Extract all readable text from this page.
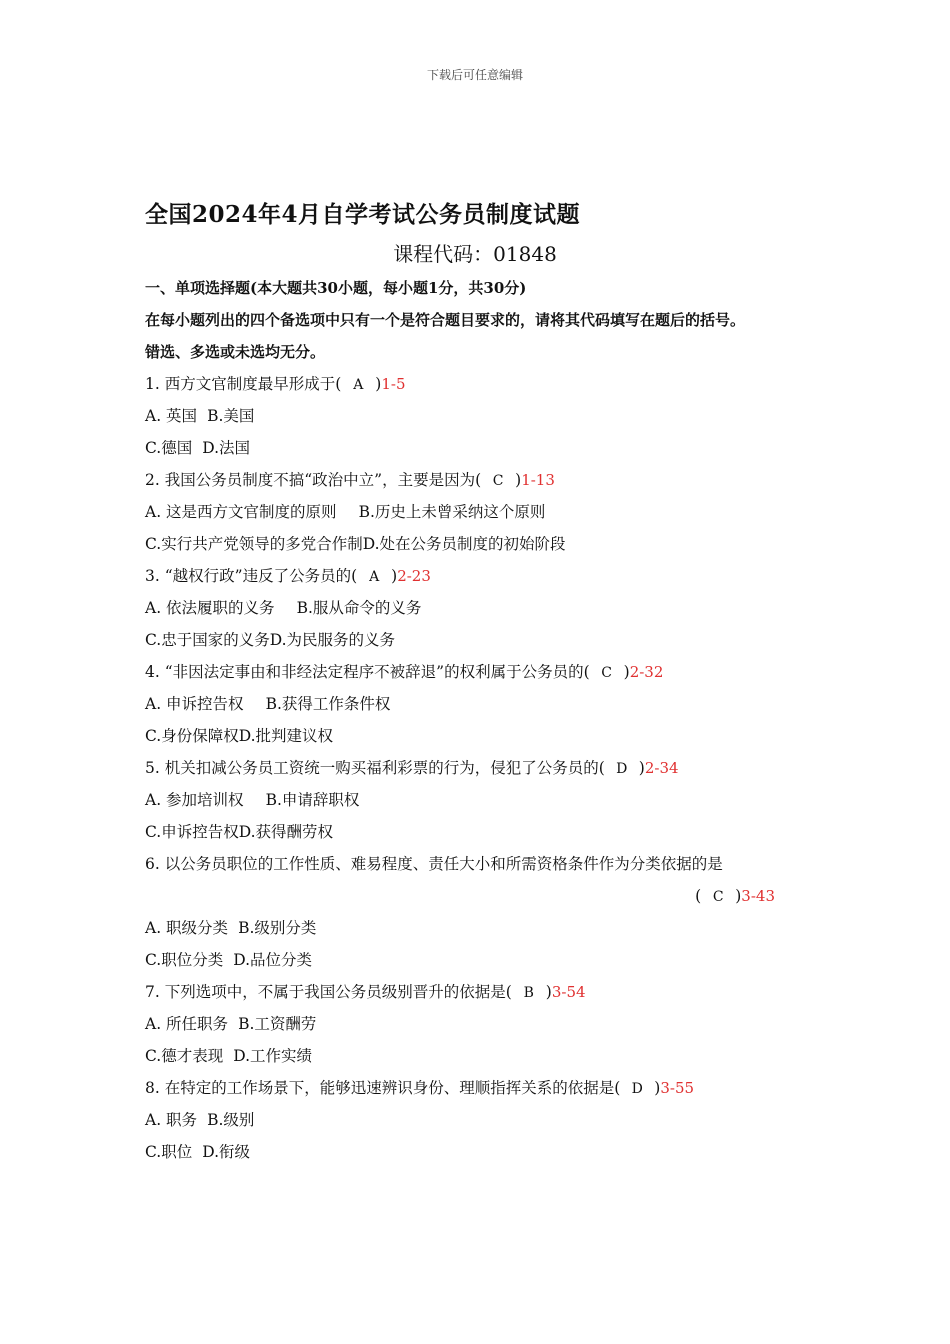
下载后可任意编辑
全国2024年4月自学考试公务员制度试题
课程代码：01848
一、单项选择题(本大题共30小题，每小题1分，共30分)
在每小题列出的四个备选项中只有一个是符合题目要求的，请将其代码填写在题后的括号。
错选、多选或未选均无分。
1. 西方文官制度最早形成于( A )1-5
A. 英国 B.美国
C.德国 D.法国
2. 我国公务员制度不搞“政治中立”，主要是因为( C )1-13
A. 这是西方文官制度的原则 B.历史上未曾采纳这个原则
C.实行共产党领导的多党合作制D.处在公务员制度的初始阶段
3. “越权行政”违反了公务员的( A )2-23
A. 依法履职的义务 B.服从命令的义务
C.忠于国家的义务D.为民服务的义务
4. “非因法定事由和非经法定程序不被辞退”的权利属于公务员的( C )2-32
A. 申诉控告权 B.获得工作条件权
C.身份保障权D.批判建议权
5. 机关扣减公务员工资统一购买福利彩票的行为，侵犯了公务员的( D )2-34
A. 参加培训权 B.申请辞职权
C.申诉控告权D.获得酬劳权
6. 以公务员职位的工作性质、难易程度、责任大小和所需资格条件作为分类依据的是
( C )3-43
A. 职级分类 B.级别分类
C.职位分类 D.品位分类
7. 下列选项中，不属于我国公务员级别晋升的依据是( B )3-54
A. 所任职务 B.工资酬劳
C.德才表现 D.工作实绩
8. 在特定的工作场景下，能够迅速辨识身份、理顺指挥关系的依据是( D )3-55
A. 职务 B.级别
C.职位 D.衔级
